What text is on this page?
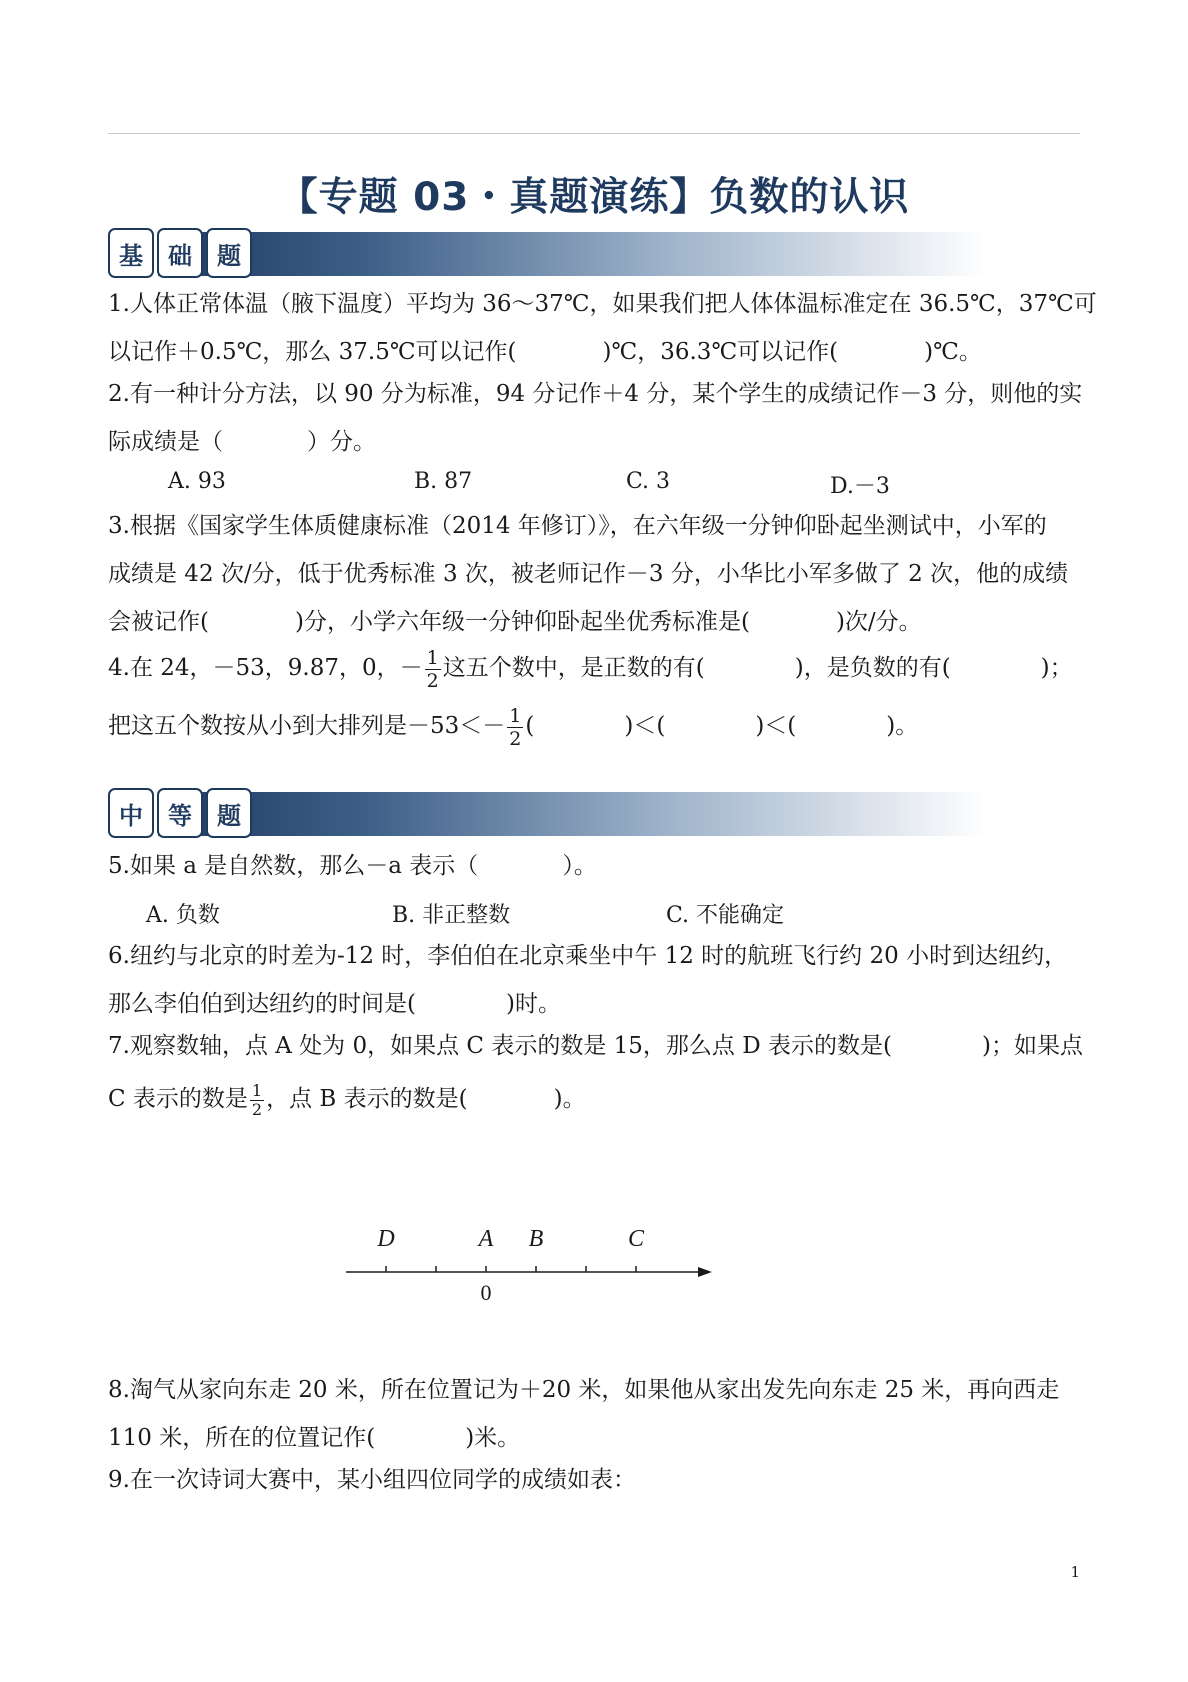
【专题 03・真题演练】负数的认识
基	础	题
1.人体正常体温（腋下温度）平均为 36～37℃，如果我们把人体体温标准定在 36.5℃，37℃可
以记作＋0.5℃，那么 37.5℃可以记作(	)℃，36.3℃可以记作(	)℃。
2.有一种计分方法，以 90 分为标准，94 分记作＋4 分，某个学生的成绩记作－3 分，则他的实
际成绩是（	）分。
A. 93	B. 87	C. 3	D.－3
3.根据《国家学生体质健康标准（2014 年修订）》，在六年级一分钟仰卧起坐测试中，小军的
成绩是 42 次/分，低于优秀标准 3 次，被老师记作－3 分，小华比小军多做了 2 次，他的成绩
会被记作(	)分，小学六年级一分钟仰卧起坐优秀标准是(	)次/分。
4.在 24，－53，9.87，0，－ $\frac{1}{2}$ 这五个数中，是正数的有(	)，是负数的有(	)；
把这五个数按从小到大排列是$-53<- \frac{1}{2}$ (	)＜(	)＜(	)。
中	等	题
5.如果 a 是自然数，那么－a 表示（	）。
A. 负数	B. 非正整数	C. 不能确定
6.纽约与北京的时差为-12 时，李伯伯在北京乘坐中午 12 时的航班飞行约 20 小时到达纽约，
那么李伯伯到达纽约的时间是(	)时。
7.观察数轴，点 A 处为 0，如果点 C 表示的数是 15，那么点 D 表示的数是(	)；如果点
C 表示的数是 $\frac{1}{2}$ ，点 B 表示的数是(	)。
D	A B	C
0
8.淘气从家向东走 20 米，所在位置记为＋20 米，如果他从家出发先向东走 25 米，再向西走
110 米，所在的位置记作(	)米。
9.在一次诗词大赛中，某小组四位同学的成绩如表：
1
